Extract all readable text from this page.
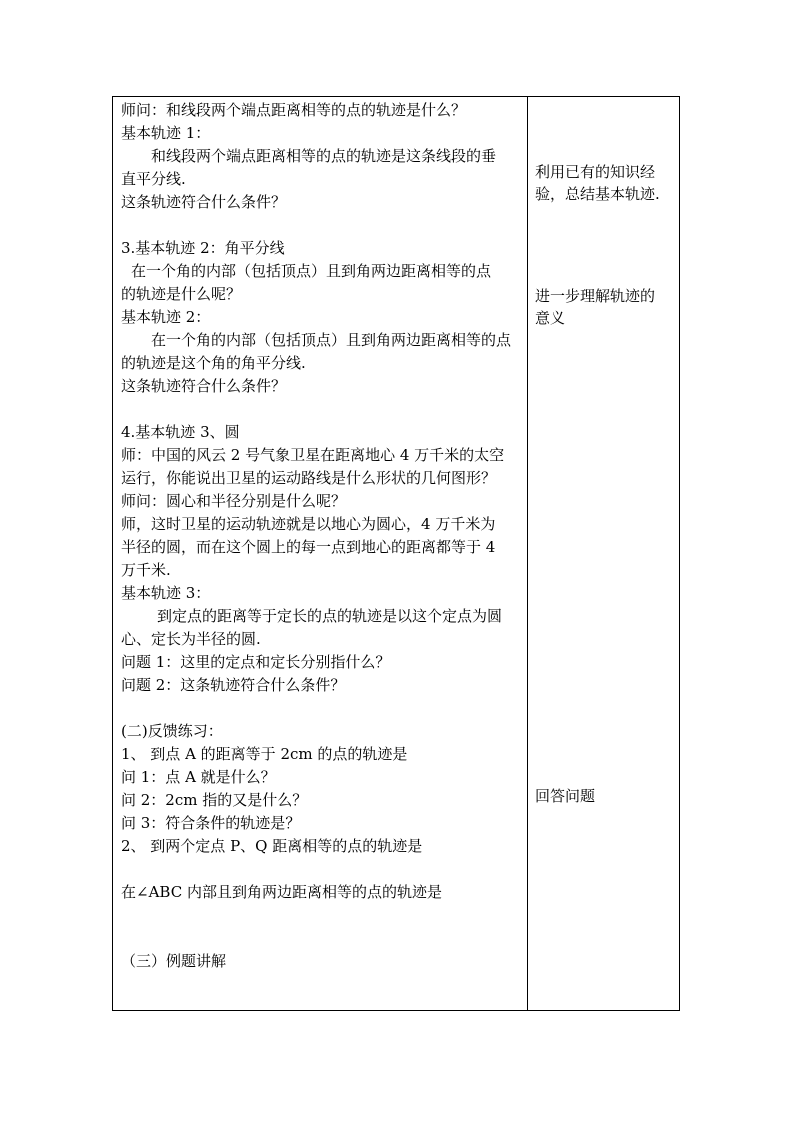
师问：和线段两个端点距离相等的点的轨迹是什么？
基本轨迹 1：
和线段两个端点距离相等的点的轨迹是这条线段的垂
直平分线.
这条轨迹符合什么条件？
3.基本轨迹 2：角平分线
在一个角的内部（包括顶点）且到角两边距离相等的点
的轨迹是什么呢？
基本轨迹 2：
在一个角的内部（包括顶点）且到角两边距离相等的点
的轨迹是这个角的角平分线.
这条轨迹符合什么条件？
4.基本轨迹 3、圆
师：中国的风云 2 号气象卫星在距离地心 4 万千米的太空
运行，你能说出卫星的运动路线是什么形状的几何图形？
师问：圆心和半径分别是什么呢？
师，这时卫星的运动轨迹就是以地心为圆心，4 万千米为
半径的圆，而在这个圆上的每一点到地心的距离都等于 4
万千米.
基本轨迹 3：
到定点的距离等于定长的点的轨迹是以这个定点为圆
心、定长为半径的圆.
问题 1：这里的定点和定长分别指什么？
问题 2：这条轨迹符合什么条件？
(二)反馈练习：
1、 到点 A 的距离等于 2cm 的点的轨迹是
问 1：点 A 就是什么？
问 2：2cm 指的又是什么？
问 3：符合条件的轨迹是？
2、 到两个定点 P、Q 距离相等的点的轨迹是
在∠ABC 内部且到角两边距离相等的点的轨迹是
（三）例题讲解
利用已有的知识经
验，总结基本轨迹.
进一步理解轨迹的
意义
回答问题
